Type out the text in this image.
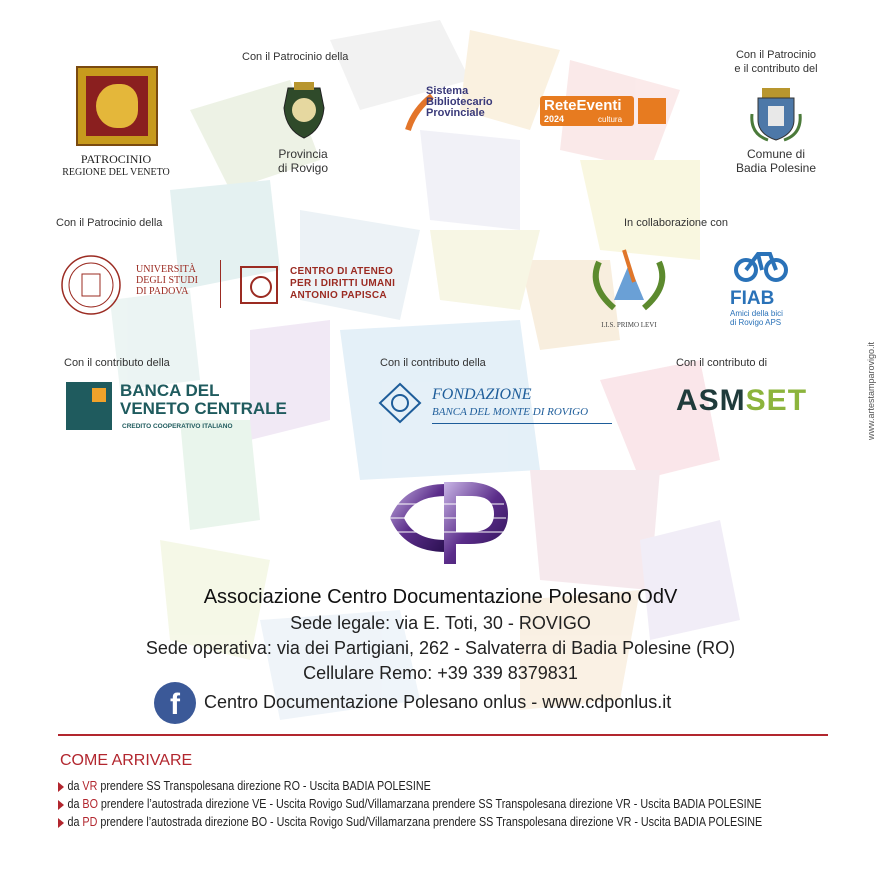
PATROCINIO
REGIONE DEL VENETO
Con il Patrocinio della
Provincia
di Rovigo
Sistema
Bibliotecario
Provinciale	ReteEventi
2024	cultura
Con il Patrocinio
e il contributo del
Comune di
Badia Polesine
Con il Patrocinio della
UNIVERSITÀ
DEGLI STUDI
DI PADOVA
CENTRO DI ATENEO
PER I DIRITTI UMANI
ANTONIO PAPISCA
In collaborazione con
I.I.S. PRIMO LEVI
FIAB
Amici della bici
di Rovigo APS
Con il contributo della
BANCA DEL
VENETO CENTRALE
CREDITO COOPERATIVO ITALIANO
Con il contributo della
FONDAZIONE
BANCA DEL MONTE DI ROVIGO
Con il contributo di
ASMSET	www.artestamparovigo.it
Associazione Centro Documentazione Polesano OdV
Sede legale: via E. Toti, 30 - ROVIGO
Sede operativa: via dei Partigiani, 262 - Salvaterra di Badia Polesine (RO)
Cellulare Remo: +39 339 8379831
f	Centro Documentazione Polesano onlus - www.cdponlus.it
COME ARRIVARE
da VR prendere SS Transpolesana direzione RO - Uscita BADIA POLESINE
da BO prendere l’autostrada direzione VE - Uscita Rovigo Sud/Villamarzana prendere SS Transpolesana direzione VR - Uscita BADIA POLESINE
da PD prendere l’autostrada direzione BO - Uscita Rovigo Sud/Villamarzana prendere SS Transpolesana direzione VR - Uscita BADIA POLESINE
